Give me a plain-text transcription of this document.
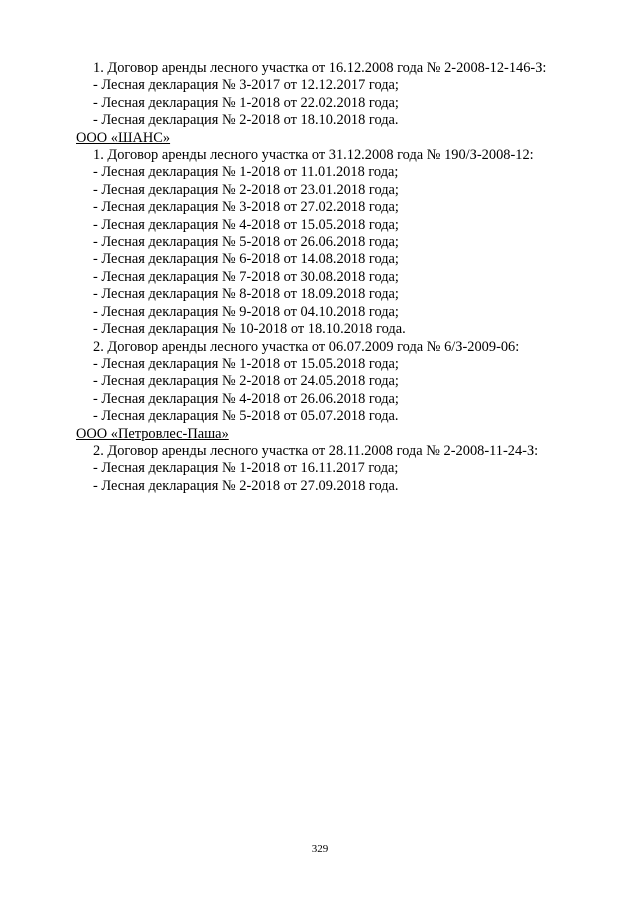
1. Договор аренды лесного участка от 16.12.2008 года № 2-2008-12-146-З:
- Лесная декларация № 3-2017 от 12.12.2017 года;
- Лесная декларация № 1-2018 от 22.02.2018 года;
- Лесная декларация № 2-2018 от 18.10.2018 года.
ООО «ШАНС»
1. Договор аренды лесного участка от 31.12.2008 года № 190/З-2008-12:
- Лесная декларация № 1-2018 от 11.01.2018 года;
- Лесная декларация № 2-2018 от 23.01.2018 года;
- Лесная декларация № 3-2018 от 27.02.2018 года;
- Лесная декларация № 4-2018 от 15.05.2018 года;
- Лесная декларация № 5-2018 от 26.06.2018 года;
- Лесная декларация № 6-2018 от 14.08.2018 года;
- Лесная декларация № 7-2018 от 30.08.2018 года;
- Лесная декларация № 8-2018 от 18.09.2018 года;
- Лесная декларация № 9-2018 от 04.10.2018 года;
- Лесная декларация № 10-2018 от 18.10.2018 года.
2. Договор аренды лесного участка от 06.07.2009 года № 6/З-2009-06:
- Лесная декларация № 1-2018 от 15.05.2018 года;
- Лесная декларация № 2-2018 от 24.05.2018 года;
- Лесная декларация № 4-2018 от 26.06.2018 года;
- Лесная декларация № 5-2018 от 05.07.2018 года.
ООО «Петровлес-Паша»
2. Договор аренды лесного участка от 28.11.2008 года № 2-2008-11-24-З:
- Лесная декларация № 1-2018 от 16.11.2017 года;
- Лесная декларация № 2-2018 от 27.09.2018 года.
329
